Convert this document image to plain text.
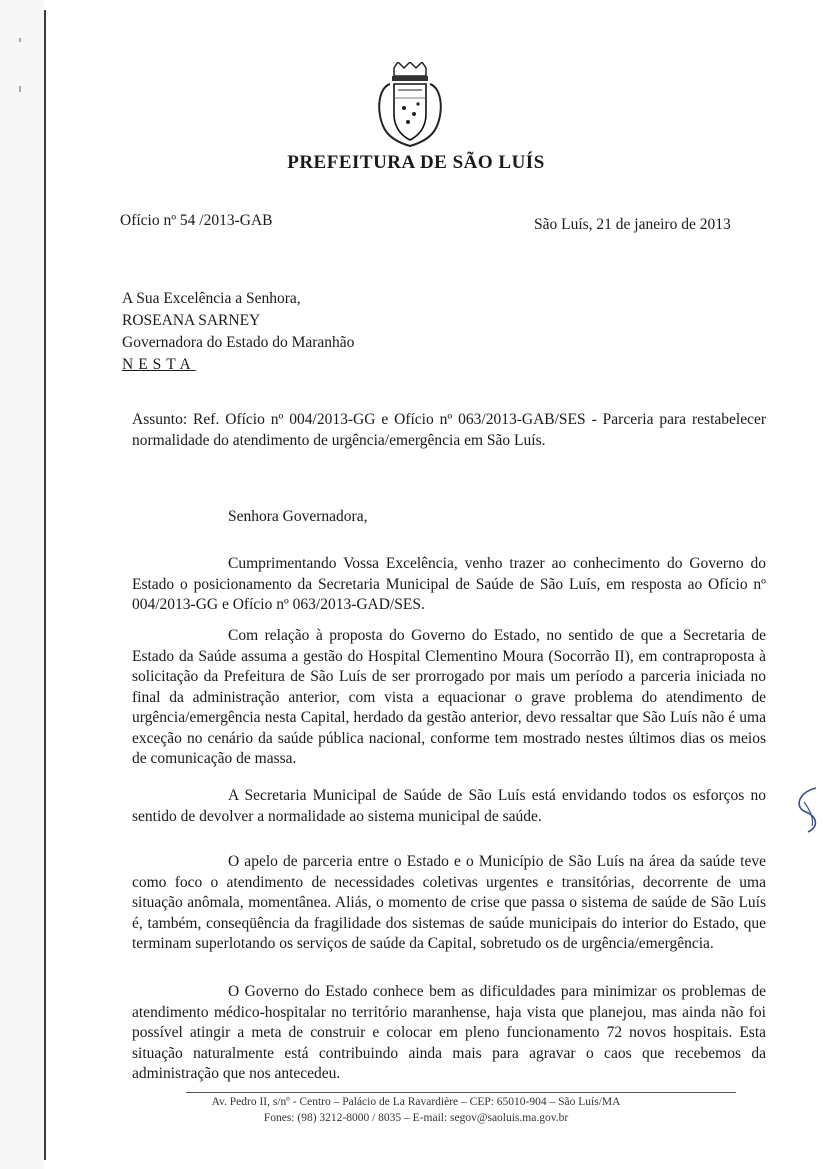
PREFEITURA DE SÃO LUÍS
Ofício nº 54 /2013-GAB	São Luís, 21 de janeiro de 2013

A Sua Excelência a Senhora,

ROSEANA SARNEY

Governadora do Estado do Maranhão

NESTA

Assunto: Ref. Ofício nº 004/2013-GG e Ofício nº 063/2013-GAB/SES - Parceria para restabelecer normalidade do atendimento de urgência/emergência em São Luís.

Senhora Governadora,

Cumprimentando Vossa Excelência, venho trazer ao conhecimento do Governo do Estado o posicionamento da Secretaria Municipal de Saúde de São Luís, em resposta ao Ofício nº 004/2013-GG e Ofício nº 063/2013-GAD/SES.

Com relação à proposta do Governo do Estado, no sentido de que a Secretaria de Estado da Saúde assuma a gestão do Hospital Clementino Moura (Socorrão II), em contraproposta à solicitação da Prefeitura de São Luís de ser prorrogado por mais um período a parceria iniciada no final da administração anterior, com vista a equacionar o grave problema do atendimento de urgência/emergência nesta Capital, herdado da gestão anterior, devo ressaltar que São Luís não é uma exceção no cenário da saúde pública nacional, conforme tem mostrado nestes últimos dias os meios de comunicação de massa.

A Secretaria Municipal de Saúde de São Luís está envidando todos os esforços no sentido de devolver a normalidade ao sistema municipal de saúde.

O apelo de parceria entre o Estado e o Município de São Luís na área da saúde teve como foco o atendimento de necessidades coletivas urgentes e transitórias, decorrente de uma situação anômala, momentânea. Aliás, o momento de crise que passa o sistema de saúde de São Luís é, também, conseqüência da fragilidade dos sistemas de saúde municipais do interior do Estado, que terminam superlotando os serviços de saúde da Capital, sobretudo os de urgência/emergência.

O Governo do Estado conhece bem as dificuldades para minimizar os problemas de atendimento médico-hospitalar no território maranhense, haja vista que planejou, mas ainda não foi possível atingir a meta de construir e colocar em pleno funcionamento 72 novos hospitais. Esta situação naturalmente está contribuindo ainda mais para agravar o caos que recebemos da administração que nos antecedeu.

Av. Pedro II, s/nº - Centro – Palácio de La Ravardière – CEP: 65010-904 – São Luís/MA
Fones: (98) 3212-8000 / 8035 – E-mail: segov@saoluis.ma.gov.br
